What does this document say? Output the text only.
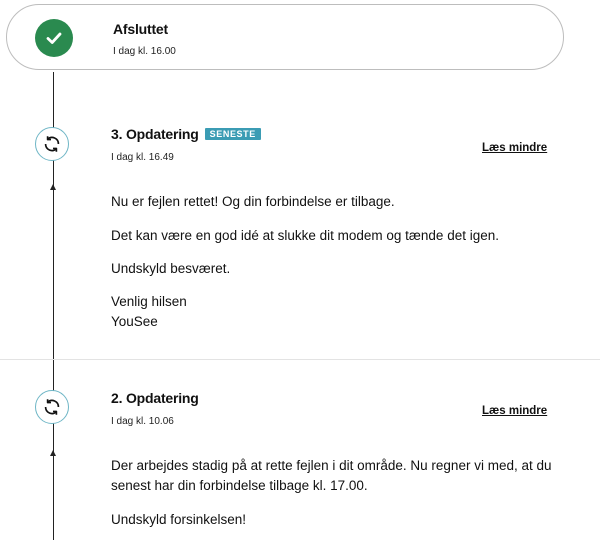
Afsluttet
I dag kl. 16.00
3. Opdatering SENESTE
I dag kl. 16.49
Læs mindre
Nu er fejlen rettet! Og din forbindelse er tilbage.
Det kan være en god idé at slukke dit modem og tænde det igen.
Undskyld besværet.
Venlig hilsen
YouSee
2. Opdatering
I dag kl. 10.06
Læs mindre
Der arbejdes stadig på at rette fejlen i dit område. Nu regner vi med, at du senest har din forbindelse tilbage kl. 17.00.
Undskyld forsinkelsen!
